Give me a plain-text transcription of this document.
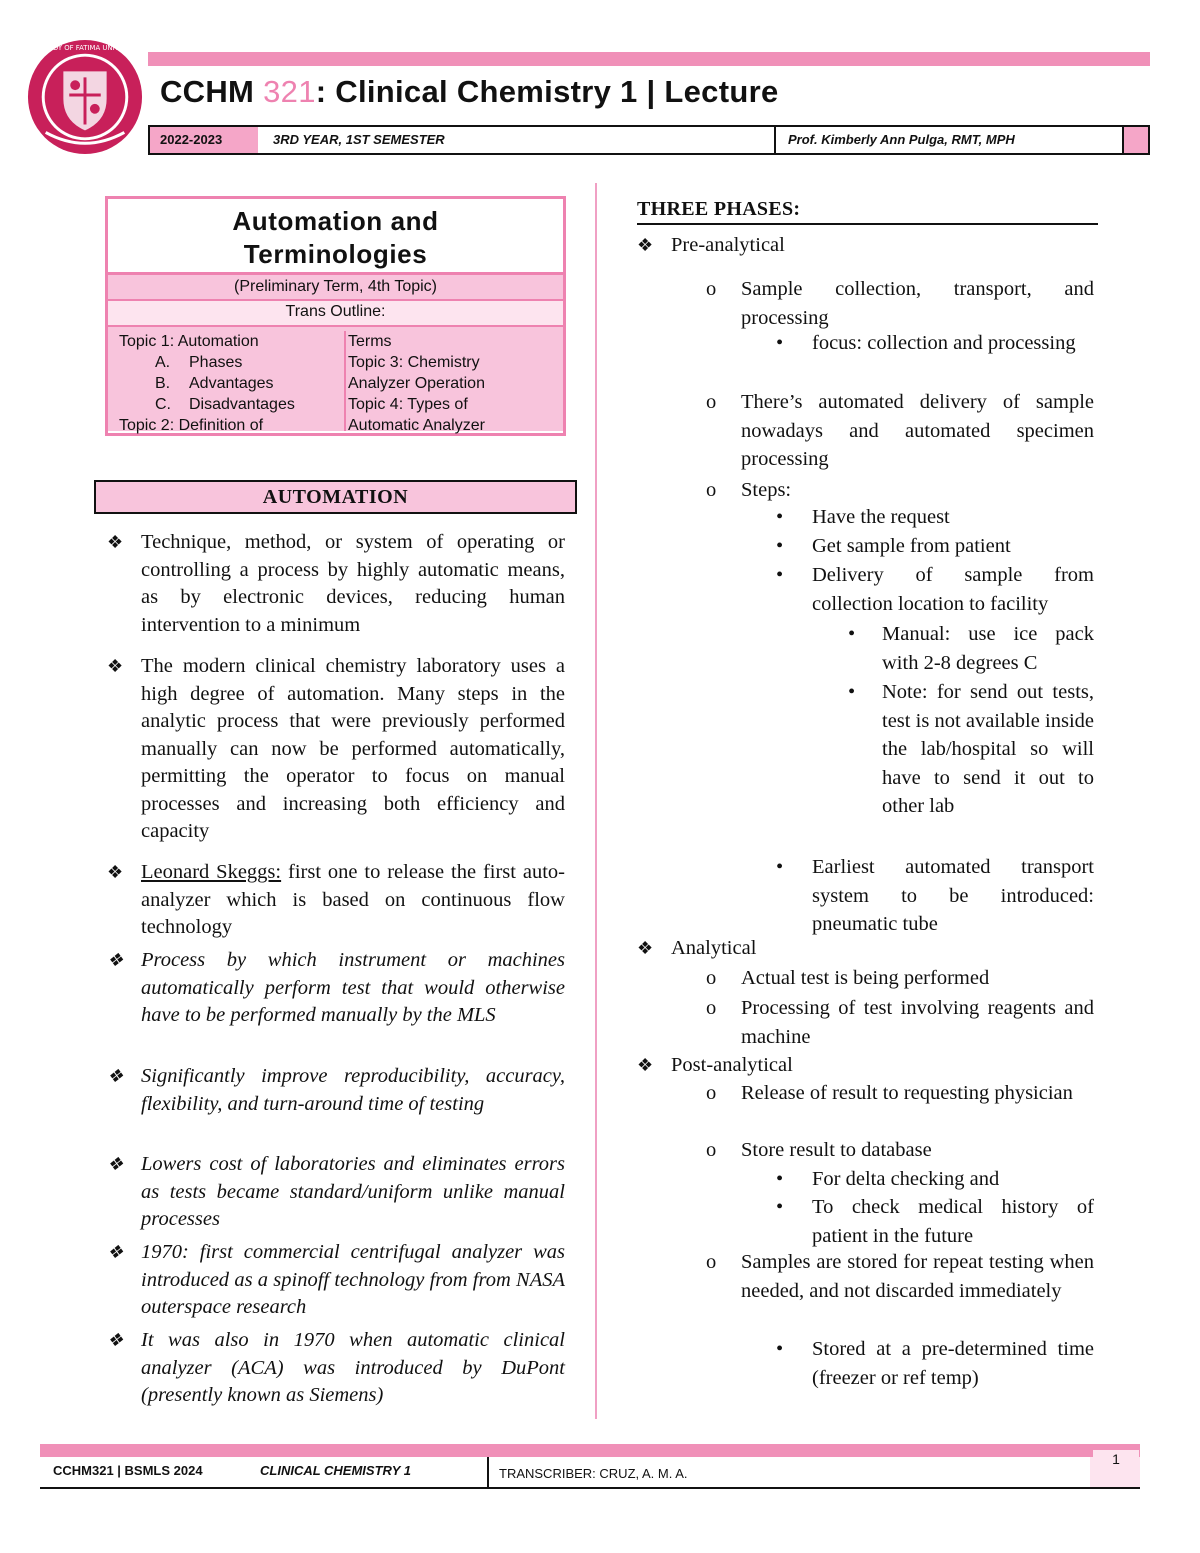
OUR LADY OF FATIMA UNIVERSITY
CCHM 321: Clinical Chemistry 1 | Lecture
2022-2023	3RD YEAR, 1ST SEMESTER	Prof. Kimberly Ann Pulga, RMT, MPH
Automation and
Terminologies
(Preliminary Term, 4th Topic)
Trans Outline:
Topic 1: Automation
A. Phases

B. Advantages

C. Disadvantages

Topic 2: Definition of
Terms
Topic 3: Chemistry
Analyzer Operation
Topic 4: Types of
Automatic Analyzer
AUTOMATION
❖ Technique, method, or system of operating or controlling a process by highly automatic means, as by electronic devices, reducing human intervention to a minimum
❖ The modern clinical chemistry laboratory uses a high degree of automation. Many steps in the analytic process that were previously performed manually can now be performed automatically, permitting the operator to focus on manual processes and increasing both efficiency and capacity
❖ Leonard Skeggs: first one to release the first auto-analyzer which is based on continuous flow technology
❖ Process by which instrument or machines automatically perform test that would otherwise have to be performed manually by the MLS
❖ Significantly improve reproducibility, accuracy, flexibility, and turn-around time of testing
❖ Lowers cost of laboratories and eliminates errors as tests became standard/uniform unlike manual processes
❖ 1970: first commercial centrifugal analyzer was introduced as a spinoff technology from from NASA outerspace research
❖ It was also in 1970 when automatic clinical analyzer (ACA) was introduced by DuPont (presently known as Siemens)
THREE PHASES:
❖ Pre-analytical
o Sample collection, transport, and processing
• focus: collection and processing
o There’s automated delivery of sample nowadays and automated specimen processing
o Steps:
• Have the request
• Get sample from patient
• Delivery of sample from collection location to facility
• Manual: use ice pack with 2-8 degrees C
• Note: for send out tests, test is not available inside the lab/hospital so will have to send it out to other lab
• Earliest automated transport system to be introduced: pneumatic tube
❖ Analytical
o Actual test is being performed
o Processing of test involving reagents and machine
❖ Post-analytical
o Release of result to requesting physician
o Store result to database
• For delta checking and
• To check medical history of patient in the future
o Samples are stored for repeat testing when needed, and not discarded immediately
• Stored at a pre-determined time (freezer or ref temp)
CCHM321 | BSMLS 2024	CLINICAL CHEMISTRY 1	TRANSCRIBER: CRUZ, A. M. A.
1
